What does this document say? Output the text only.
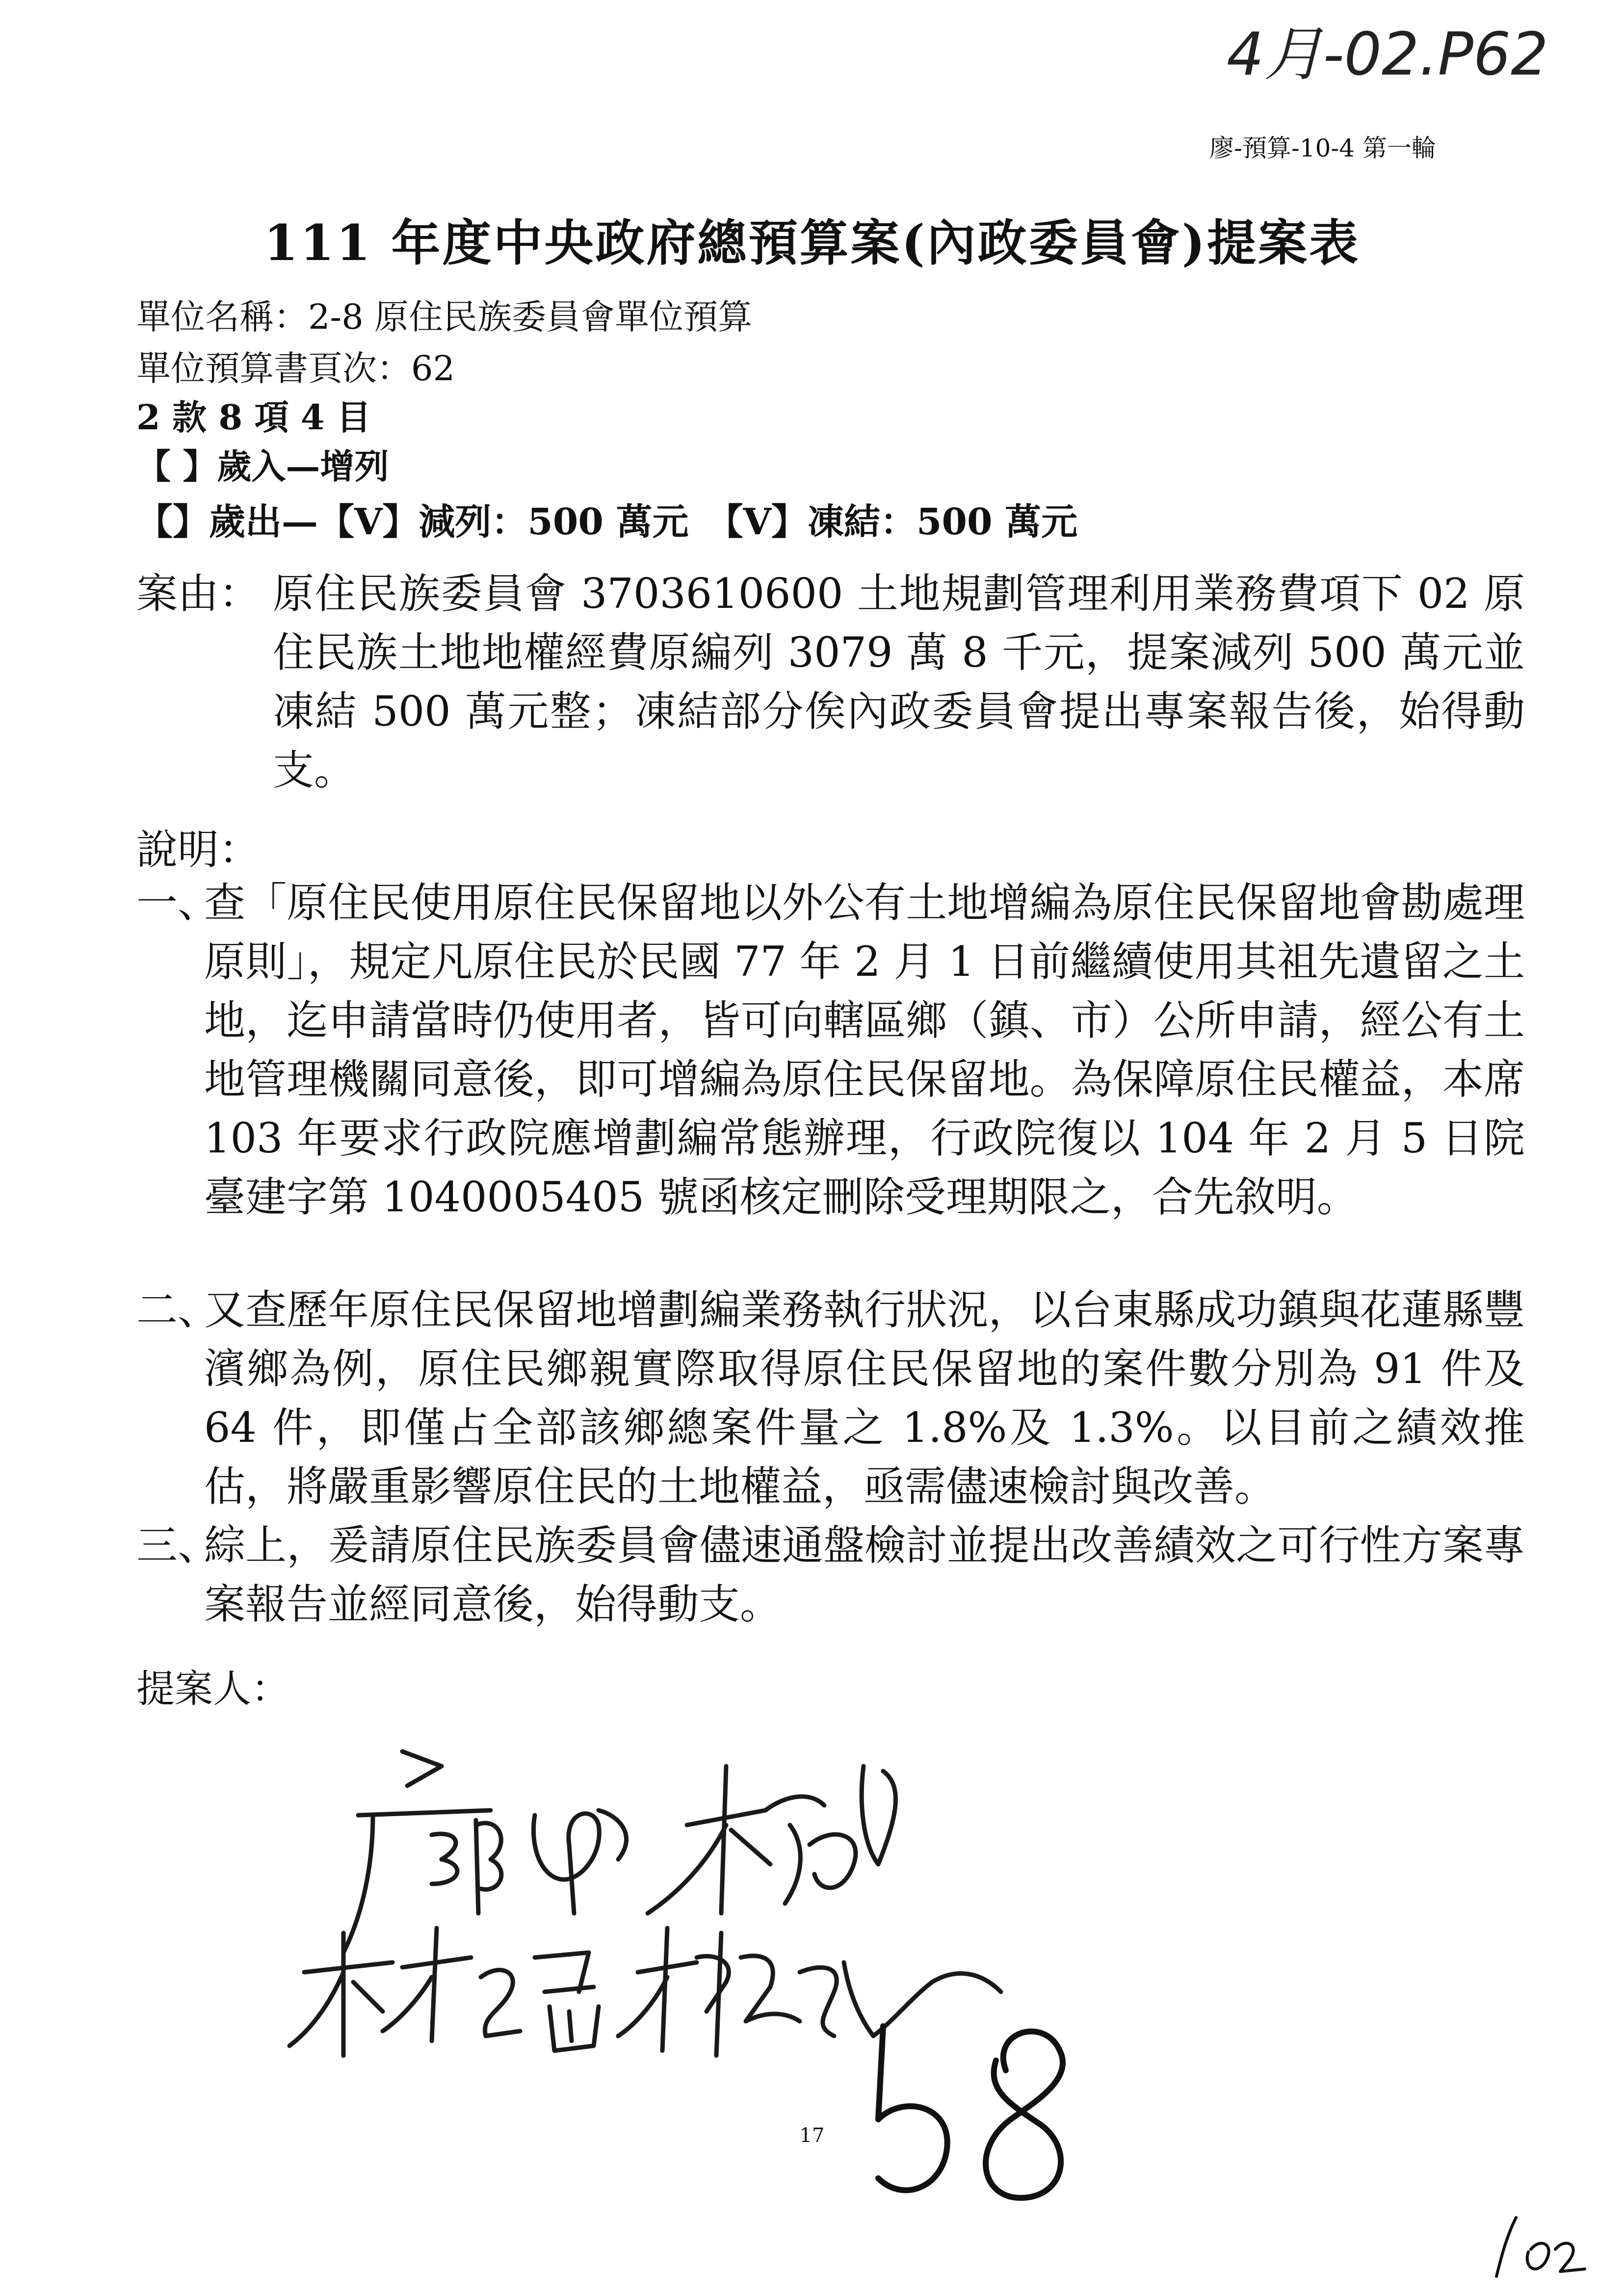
4月-02.P62
廖-預算-10-4 第一輪
111 年度中央政府總預算案(內政委員會)提案表
單位名稱：2-8 原住民族委員會單位預算
單位預算書頁次：62
2 款 8 項 4 目
【 】歲入—增列
【】歲出—【V】減列：500 萬元　【V】凍結：500 萬元
案由： 原住民族委員會 3703610600 土地規劃管理利用業務費項下 02 原住民族土地地權經費原編列 3079 萬 8 千元，提案減列 500 萬元並凍結 500 萬元整；凍結部分俟內政委員會提出專案報告後，始得動支。
說明：
一、
查「原住民使用原住民保留地以外公有土地增編為原住民保留地會勘處理原則」，規定凡原住民於民國 77 年 2 月 1 日前繼續使用其祖先遺留之土地，迄申請當時仍使用者，皆可向轄區鄉（鎮、市）公所申請，經公有土地管理機關同意後，即可增編為原住民保留地。為保障原住民權益，本席 103 年要求行政院應增劃編常態辦理，行政院復以 104 年 2 月 5 日院臺建字第 1040005405 號函核定刪除受理期限之，合先敘明。
二、
又查歷年原住民保留地增劃編業務執行狀況，以台東縣成功鎮與花蓮縣豐濱鄉為例，原住民鄉親實際取得原住民保留地的案件數分別為 91 件及 64 件，即僅占全部該鄉總案件量之 1.8%及 1.3%。以目前之績效推估，將嚴重影響原住民的土地權益，亟需儘速檢討與改善。
三、
綜上，爰請原住民族委員會儘速通盤檢討並提出改善績效之可行性方案專案報告並經同意後，始得動支。
提案人：
17
